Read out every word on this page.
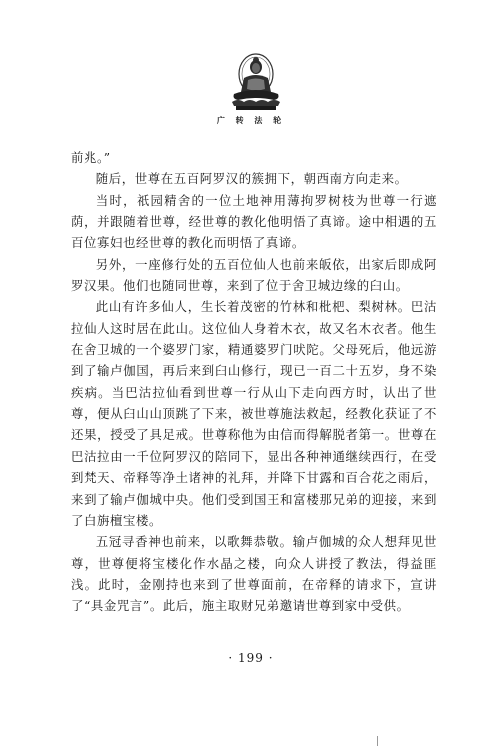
广 转 法 轮

前兆。”

随后，世尊在五百阿罗汉的簇拥下，朝西南方向走来。

当时，祇园精舍的一位土地神用薄拘罗树枝为世尊一行遮荫，并跟随着世尊，经世尊的教化他明悟了真谛。途中相遇的五百位寡妇也经世尊的教化而明悟了真谛。

另外，一座修行处的五百位仙人也前来皈依，出家后即成阿罗汉果。他们也随同世尊，来到了位于舍卫城边缘的臼山。

此山有许多仙人，生长着茂密的竹林和枇杷、梨树林。巴沽拉仙人这时居在此山。这位仙人身着木衣，故又名木衣者。他生在舍卫城的一个婆罗门家，精通婆罗门吠陀。父母死后，他远游到了输卢伽国，再后来到臼山修行，现已一百二十五岁，身不染疾病。当巴沽拉仙看到世尊一行从山下走向西方时，认出了世尊，便从臼山山顶跳了下来，被世尊施法救起，经教化获证了不还果，授受了具足戒。世尊称他为由信而得解脱者第一。世尊在巴沽拉由一千位阿罗汉的陪同下，显出各种神通继续西行，在受到梵天、帝释等净土诸神的礼拜，并降下甘露和百合花之雨后，来到了输卢伽城中央。他们受到国王和富楼那兄弟的迎接，来到了白旃檀宝楼。

五冠寻香神也前来，以歌舞恭敬。输卢伽城的众人想拜见世尊，世尊便将宝楼化作水晶之楼，向众人讲授了教法，得益匪浅。此时，金刚持也来到了世尊面前，在帝释的请求下，宣讲了“具金咒言”。此后，施主取财兄弟邀请世尊到家中受供。

· 199 ·
